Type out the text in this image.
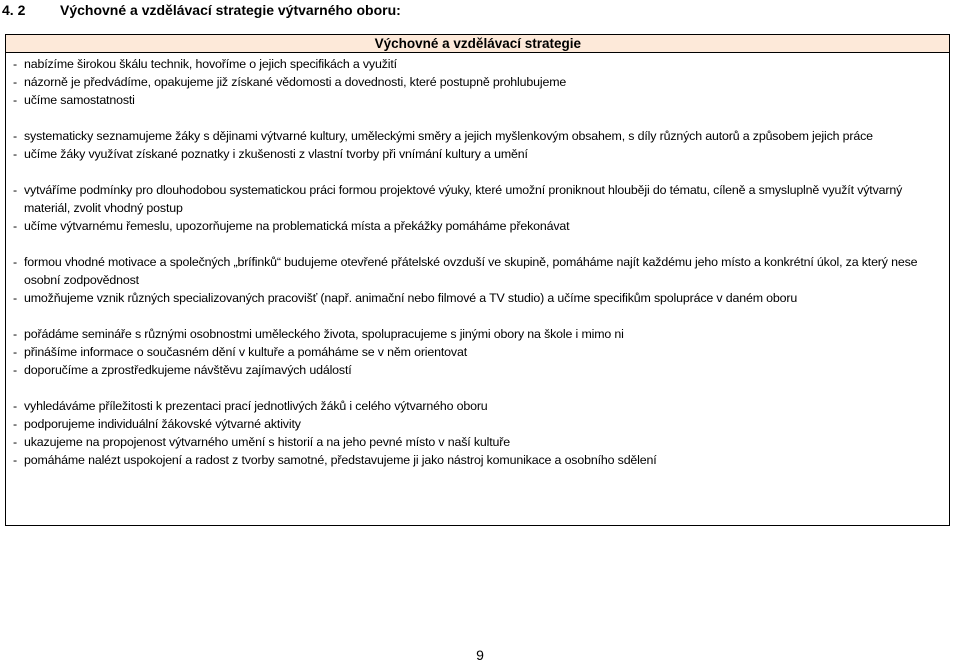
4. 2 Výchovné a vzdělávací strategie výtvarného oboru:
Výchovné a vzdělávací strategie
- nabízíme širokou škálu technik, hovoříme o jejich specifikách a využití
- názorně je předvádíme, opakujeme již získané vědomosti a dovednosti, které postupně prohlubujeme
- učíme samostatnosti
- systematicky seznamujeme žáky s dějinami výtvarné kultury, uměleckými směry a jejich myšlenkovým obsahem, s díly různých autorů a způsobem jejich práce
- učíme žáky využívat získané poznatky i zkušenosti z vlastní tvorby při vnímání kultury a umění
- vytváříme podmínky pro dlouhodobou systematickou práci formou projektové výuky, které umožní proniknout hlouběji do tématu, cíleně a smysluplně využít výtvarný materiál, zvolit vhodný postup
- učíme výtvarnému řemeslu, upozorňujeme na problematická místa a překážky pomáháme překonávat
- formou vhodné motivace a společných „brífinků“ budujeme otevřené přátelské ovzduší ve skupině, pomáháme najít každému jeho místo a konkrétní úkol, za který nese osobní zodpovědnost
- umožňujeme vznik různých specializovaných pracovišť (např. animační nebo filmové a TV studio) a učíme specifikům spolupráce v daném oboru
- pořádáme semináře s různými osobnostmi uměleckého života, spolupracujeme s jinými obory na škole i mimo ni
- přinášíme informace o současném dění v kultuře a pomáháme se v něm orientovat
- doporučíme a zprostředkujeme návštěvu zajímavých událostí
- vyhledáváme příležitosti k prezentaci prací jednotlivých žáků i celého výtvarného oboru
- podporujeme individuální žákovské výtvarné aktivity
- ukazujeme na propojenost výtvarného umění s historií a na jeho pevné místo v naší kultuře
- pomáháme nalézt uspokojení a radost z tvorby samotné, představujeme ji jako nástroj komunikace a osobního sdělení
9
